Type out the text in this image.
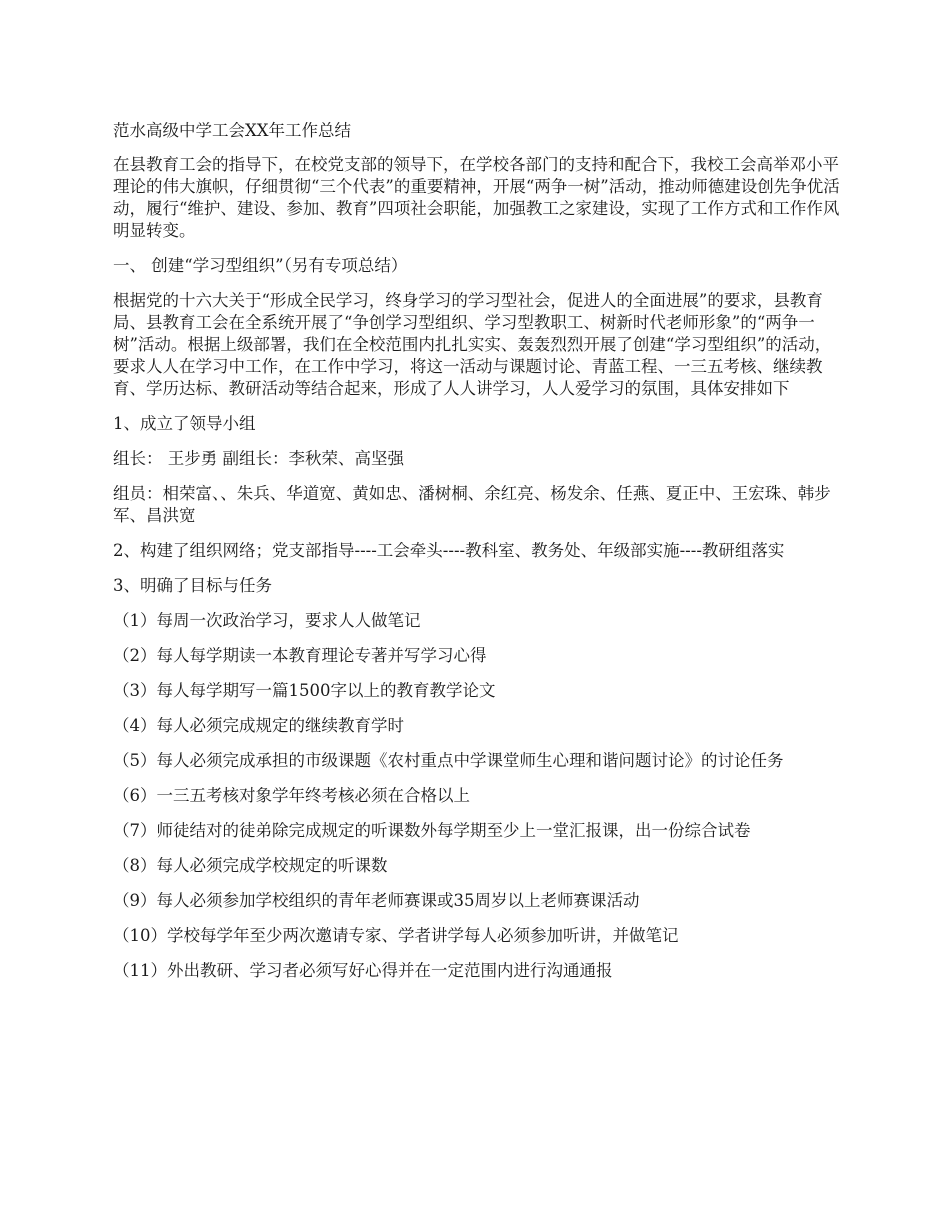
范水高级中学工会XX年工作总结

在县教育工会的指导下，在校党支部的领导下，在学校各部门的支持和配合下，我校工会高举邓小平理论的伟大旗帜，仔细贯彻“三个代表”的重要精神，开展“两争一树”活动，推动师德建设创先争优活动，履行“维护、建设、参加、教育”四项社会职能，加强教工之家建设，实现了工作方式和工作作风明显转变。

一、 创建“学习型组织”（另有专项总结）

根据党的十六大关于“形成全民学习，终身学习的学习型社会，促进人的全面进展”的要求，县教育局、县教育工会在全系统开展了“争创学习型组织、学习型教职工、树新时代老师形象”的“两争一树”活动。根据上级部署，我们在全校范围内扎扎实实、轰轰烈烈开展了创建“学习型组织”的活动，要求人人在学习中工作，在工作中学习，将这一活动与课题讨论、青蓝工程、一三五考核、继续教育、学历达标、教研活动等结合起来，形成了人人讲学习，人人爱学习的氛围，具体安排如下

1、成立了领导小组

组长： 王步勇 副组长：李秋荣、高坚强

组员：相荣富、、朱兵、华道宽、黄如忠、潘树桐、余红亮、杨发余、任燕、夏正中、王宏珠、韩步军、昌洪宽

2、构建了组织网络；党支部指导----工会牵头----教科室、教务处、年级部实施----教研组落实

3、明确了目标与任务

（1）每周一次政治学习，要求人人做笔记

（2）每人每学期读一本教育理论专著并写学习心得

（3）每人每学期写一篇1500字以上的教育教学论文

（4）每人必须完成规定的继续教育学时

（5）每人必须完成承担的市级课题《农村重点中学课堂师生心理和谐问题讨论》的讨论任务

（6）一三五考核对象学年终考核必须在合格以上

（7）师徒结对的徒弟除完成规定的听课数外每学期至少上一堂汇报课，出一份综合试卷

（8）每人必须完成学校规定的听课数

（9）每人必须参加学校组织的青年老师赛课或35周岁以上老师赛课活动

（10）学校每学年至少两次邀请专家、学者讲学每人必须参加听讲，并做笔记

（11）外出教研、学习者必须写好心得并在一定范围内进行沟通通报
